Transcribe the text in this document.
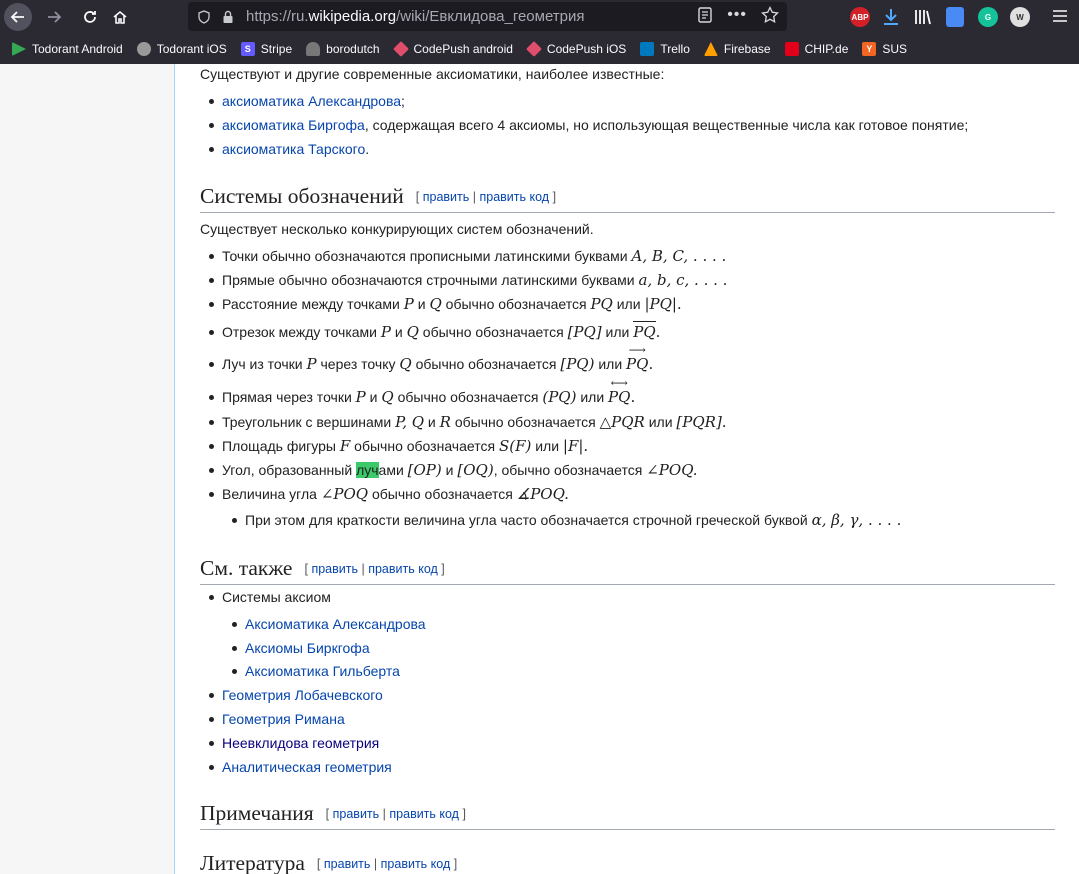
https://ru.wikipedia.org/wiki/Евклидова_геометрия	•••	ABP	G	W
Todorant Android	Todorant iOS	S Stripe	borodutch	CodePush android	CodePush iOS	Trello	Firebase	CHIP.de	Y SUS

Существуют и другие современные аксиоматики, наиболее известные:

аксиоматика Александрова;
аксиоматика Биргофа, содержащая всего 4 аксиомы, но использующая вещественные числа как готовое понятие;
аксиоматика Тарского.
Системы обозначений [ править | править код ]

Существует несколько конкурирующих систем обозначений.

Точки обычно обозначаются прописными латинскими буквами A, B, C, . . . .
Прямые обычно обозначаются строчными латинскими буквами a, b, c, . . . .
Расстояние между точками P и Q обычно обозначается PQ или |PQ|.
Отрезок между точками P и Q обычно обозначается [PQ] или PQ.
Луч из точки P через точку Q обычно обозначается [PQ) или
⟶
PQ.
Прямая через точки P и Q обычно обозначается (PQ) или
⟷
PQ.
Треугольник с вершинами P, Q и R обычно обозначается △PQR или [PQR].
Площадь фигуры F обычно обозначается S(F) или |F|.
Угол, образованный лучами [OP) и [OQ), обычно обозначается ∠POQ.
Величина угла ∠POQ обычно обозначается ∡POQ.
При этом для краткости величина угла часто обозначается строчной греческой буквой α, β, γ, . . . .
См. также [ править | править код ]
Системы аксиом
Аксиоматика Александрова
Аксиомы Биркгофа
Аксиоматика Гильберта
Геометрия Лобачевского
Геометрия Римана
Неевклидова геометрия
Аналитическая геометрия
Примечания [ править | править код ]
Литература [ править | править код ]
